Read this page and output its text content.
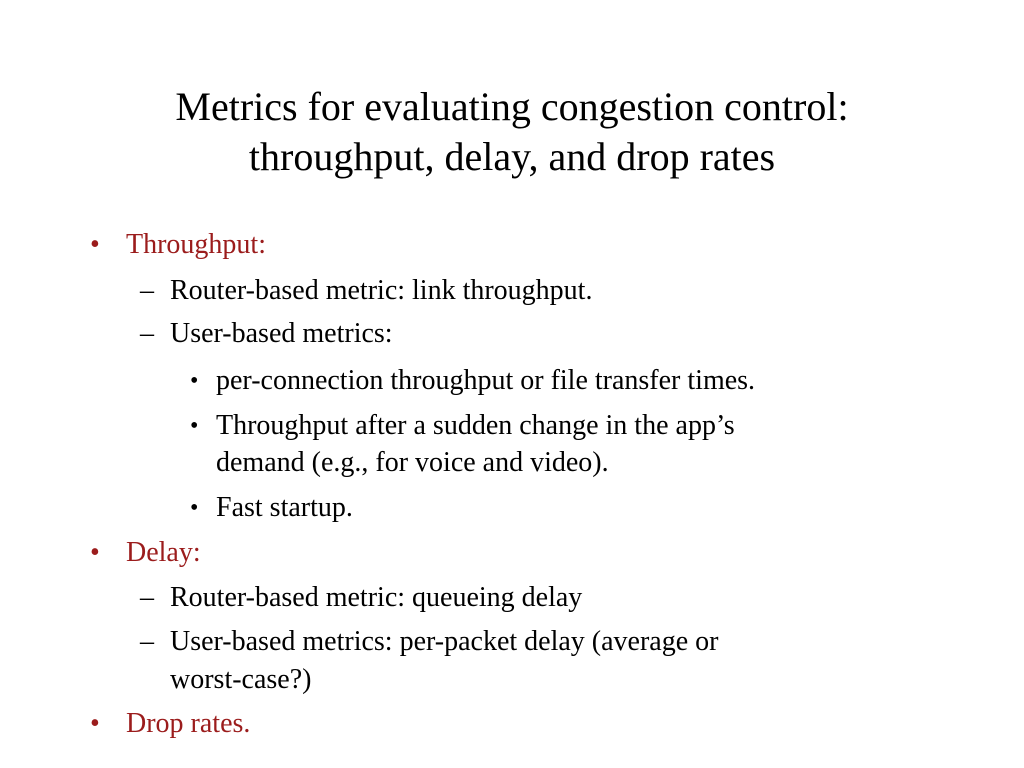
Metrics for evaluating congestion control:
throughput, delay, and drop rates
• Throughput:
– Router-based metric: link throughput.
– User-based metrics:
• per-connection throughput or file transfer times.
• Throughput after a sudden change in the app’s
demand (e.g., for voice and video).
• Fast startup.
• Delay:
– Router-based metric: queueing delay
– User-based metrics: per-packet delay (average or
worst-case?)
• Drop rates.
